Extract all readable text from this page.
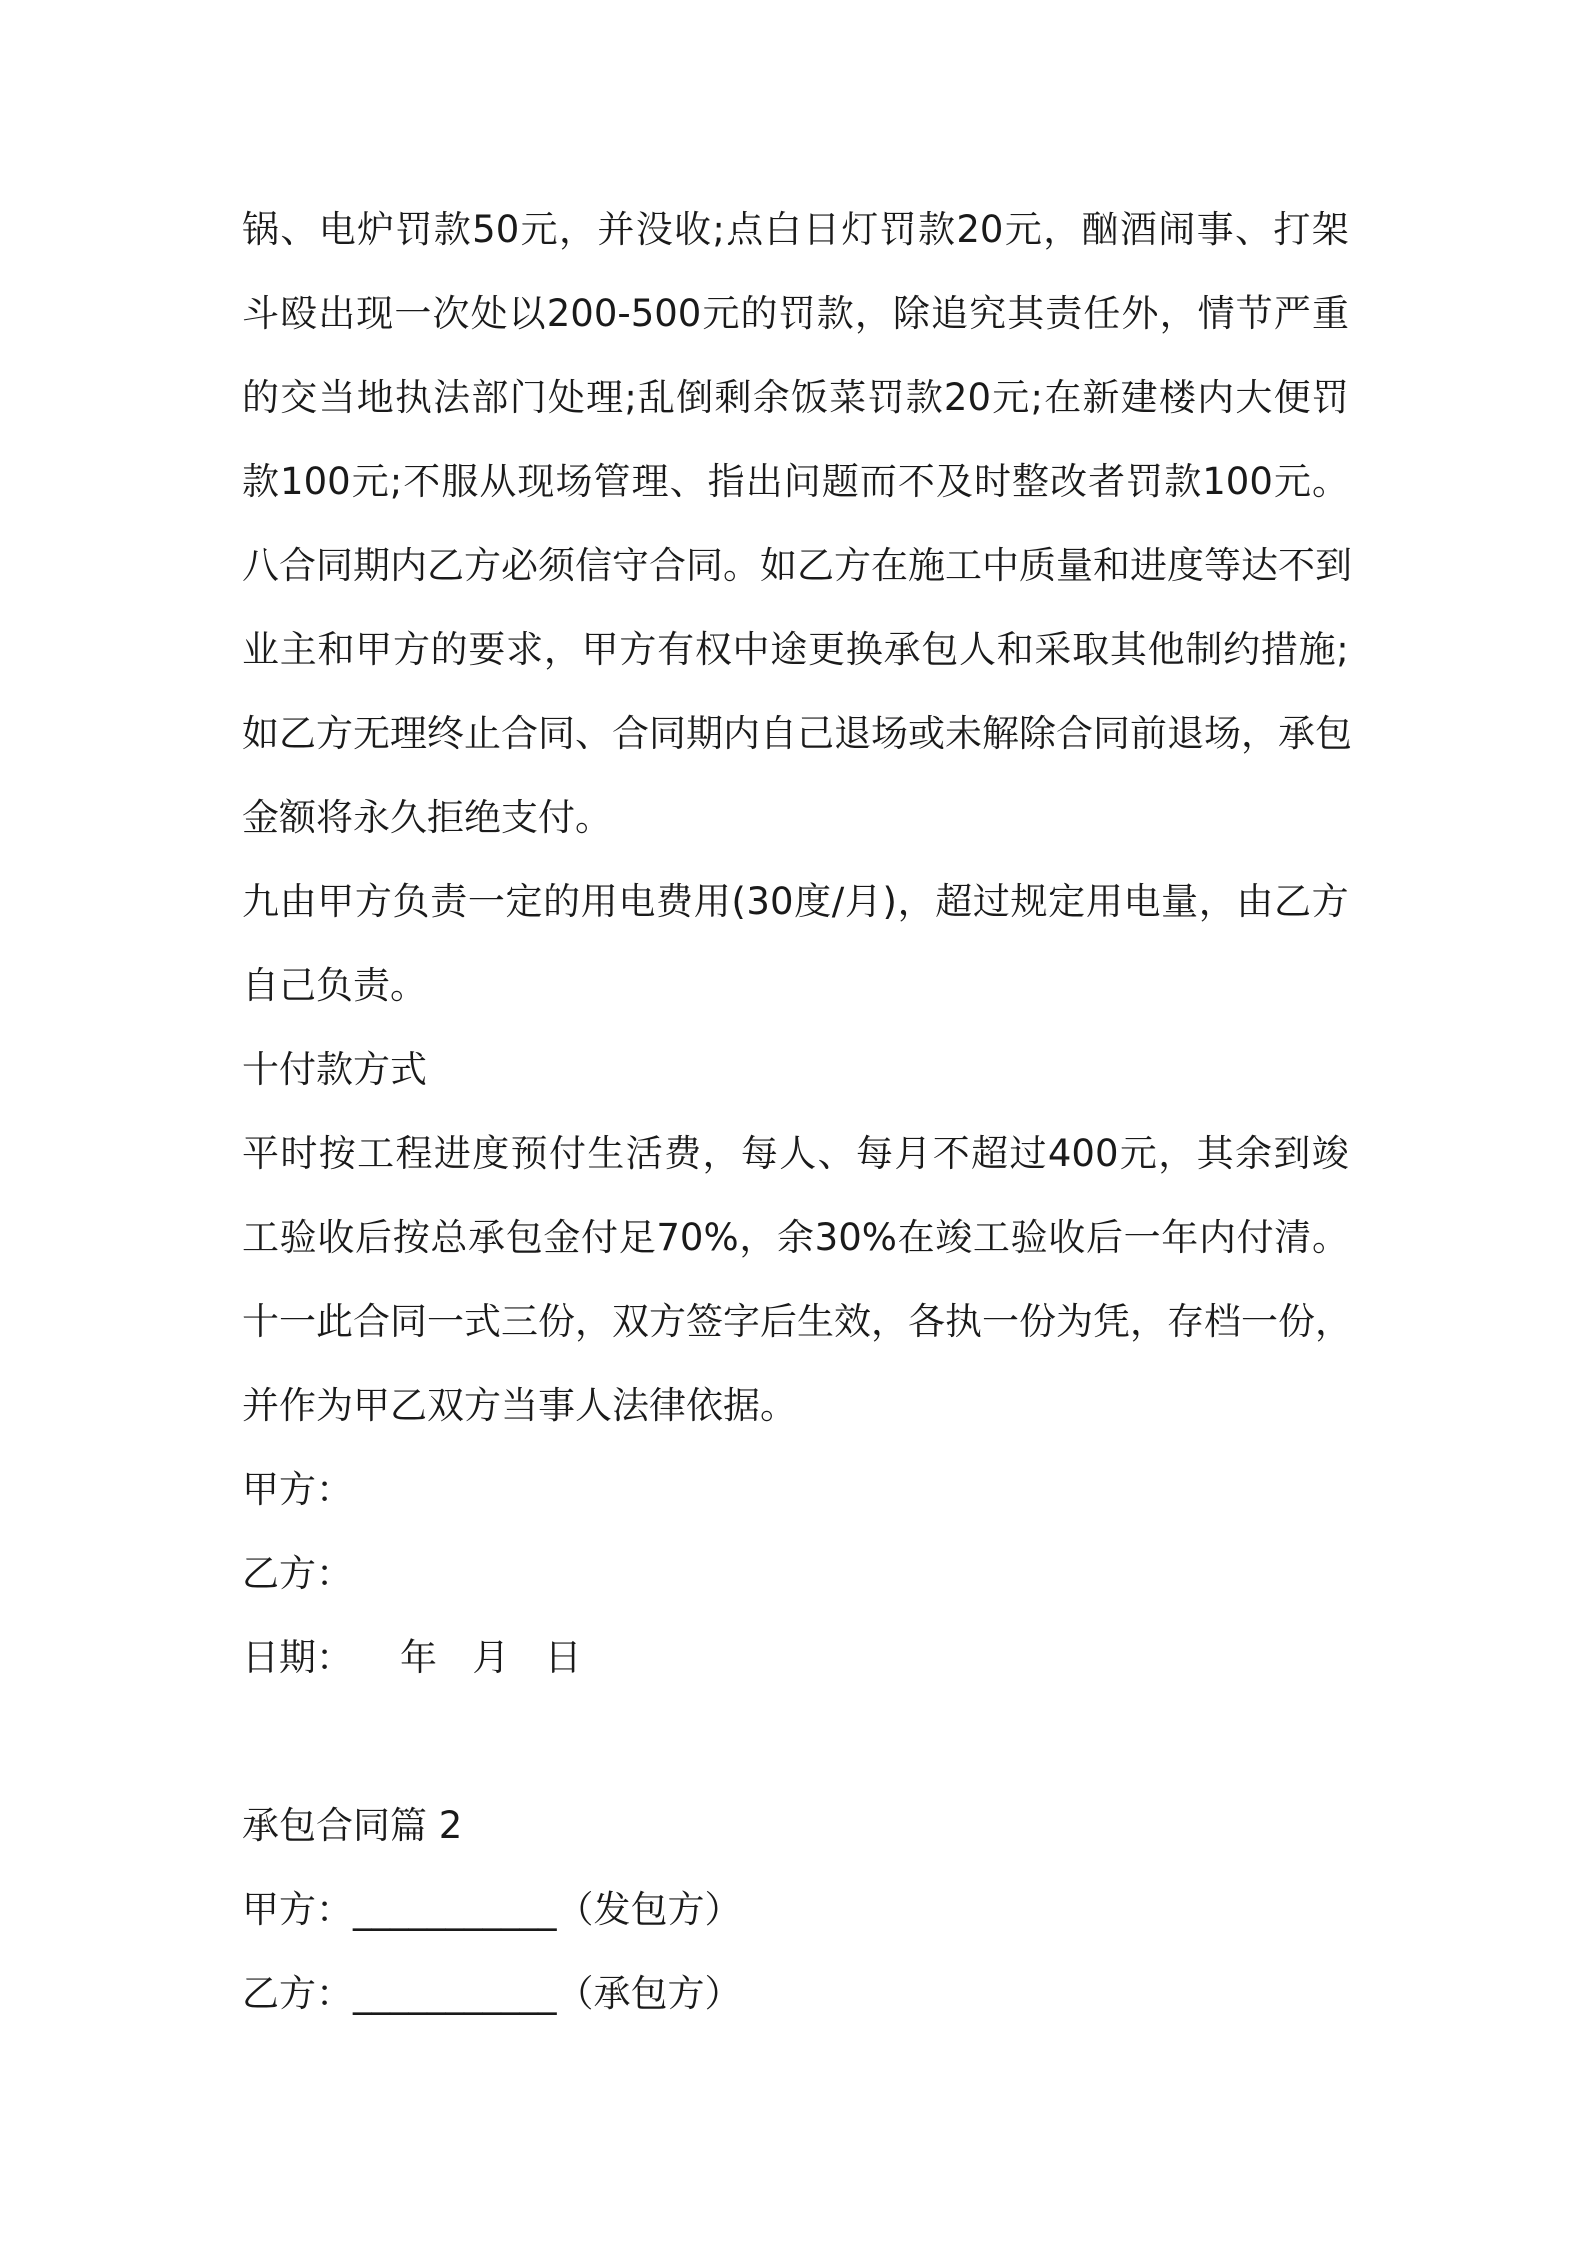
锅 、 电 炉 罚 款 50 元 ， 并 没 收 ; 点 白 日 灯 罚 款 20 元 ， 酗 酒 闹 事 、 打 架
斗 殴 出 现 一 次 处 以 200-500 元 的 罚 款 ， 除 追 究 其 责 任 外 ， 情 节 严 重
的 交 当 地 执 法 部 门 处 理 ; 乱 倒 剩 余 饭 菜 罚 款 20 元 ; 在 新 建 楼 内 大 便 罚
款 100 元 ; 不 服 从 现 场 管 理 、 指 出 问 题 而 不 及 时 整 改 者 罚 款 100 元 。
八 合 同 期 内 乙 方 必 须 信 守 合 同 。 如 乙 方 在 施 工 中 质 量 和 进 度 等 达 不 到
业 主 和 甲 方 的 要 求 ， 甲 方 有 权 中 途 更 换 承 包 人 和 采 取 其 他 制 约 措 施 ;
如 乙 方 无 理 终 止 合 同 、 合 同 期 内 自 己 退 场 或 未 解 除 合 同 前 退 场 ， 承 包
金额将永久拒绝支付。
九 由 甲 方 负 责 一 定 的 用 电 费 用 ( 30 度 / 月 ) ， 超 过 规 定 用 电 量 ， 由 乙 方
自己负责。
十付款方式
平 时 按 工 程 进 度 预 付 生 活 费 ， 每 人 、 每 月 不 超 过 400 元 ， 其 余 到 竣
工 验 收 后 按 总 承 包 金 付 足 70% ， 余 30% 在 竣 工 验 收 后 一 年 内 付 清 。
十 一 此 合 同 一 式 三 份 ， 双 方 签 字 后 生 效 ， 各 执 一 份 为 凭 ， 存 档 一 份 ，
并作为甲乙双方当事人法律依据。
甲方：
乙方：
日期：    年   月   日
承包合同篇 2
甲方：___________（发包方）
乙方：___________（承包方）
